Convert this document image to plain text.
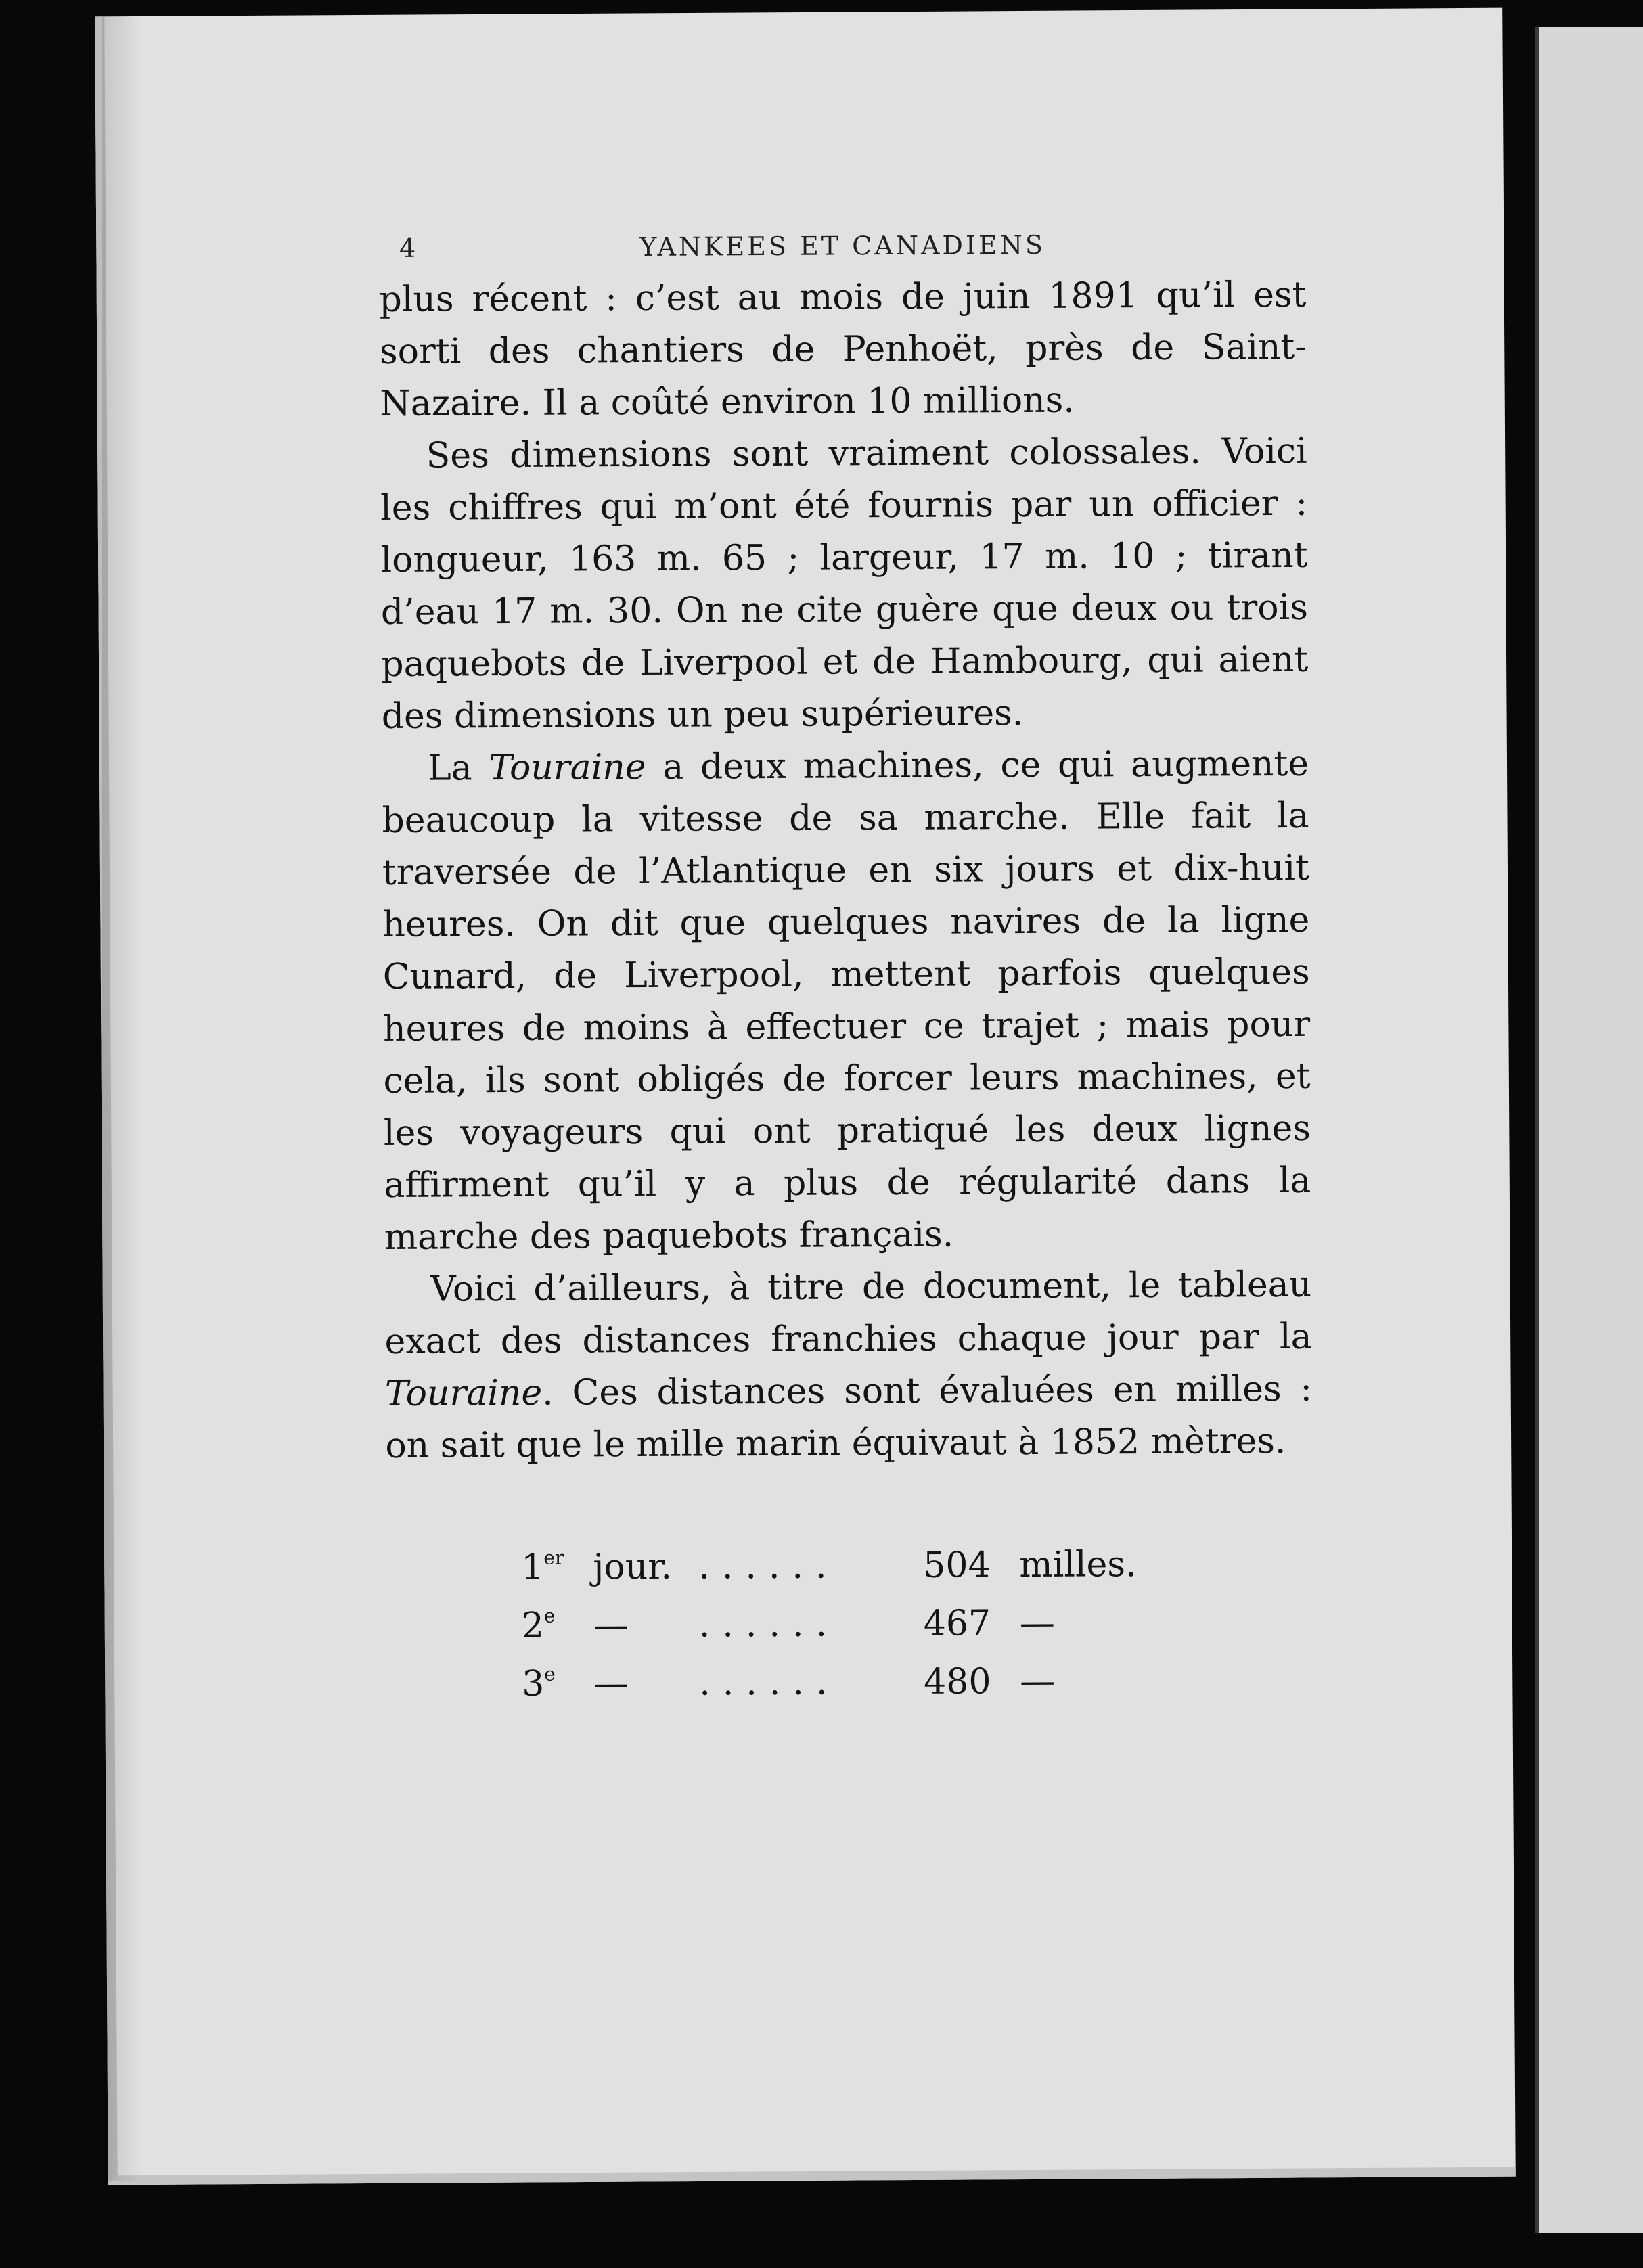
4	YANKEES ET CANADIENS

plus récent : c’est au mois de juin 1891 qu’il est sorti des chantiers de Penhoët, près de Saint-Nazaire. Il a coûté environ 10 millions.

Ses dimensions sont vraiment colossales. Voici les chiffres qui m’ont été fournis par un officier : longueur, 163 m. 65 ; largeur, 17 m. 10 ; tirant d’eau 17 m. 30. On ne cite guère que deux ou trois paquebots de Liverpool et de Hambourg, qui aient des dimensions un peu supérieures.

La Touraine a deux machines, ce qui augmente beaucoup la vitesse de sa marche. Elle fait la traversée de l’Atlantique en six jours et dix-huit heures. On dit que quelques navires de la ligne Cunard, de Liverpool, mettent parfois quelques heures de moins à effectuer ce trajet ; mais pour cela, ils sont obligés de forcer leurs machines, et les voyageurs qui ont pratiqué les deux lignes affirment qu’il y a plus de régularité dans la marche des paquebots français.

Voici d’ailleurs, à titre de document, le tableau exact des distances franchies chaque jour par la Touraine. Ces distances sont évaluées en milles : on sait que le mille marin équivaut à 1852 mètres.

1er jour. ......	504 milles.
2e	—	......	467 —
3e	—	......	480 —
